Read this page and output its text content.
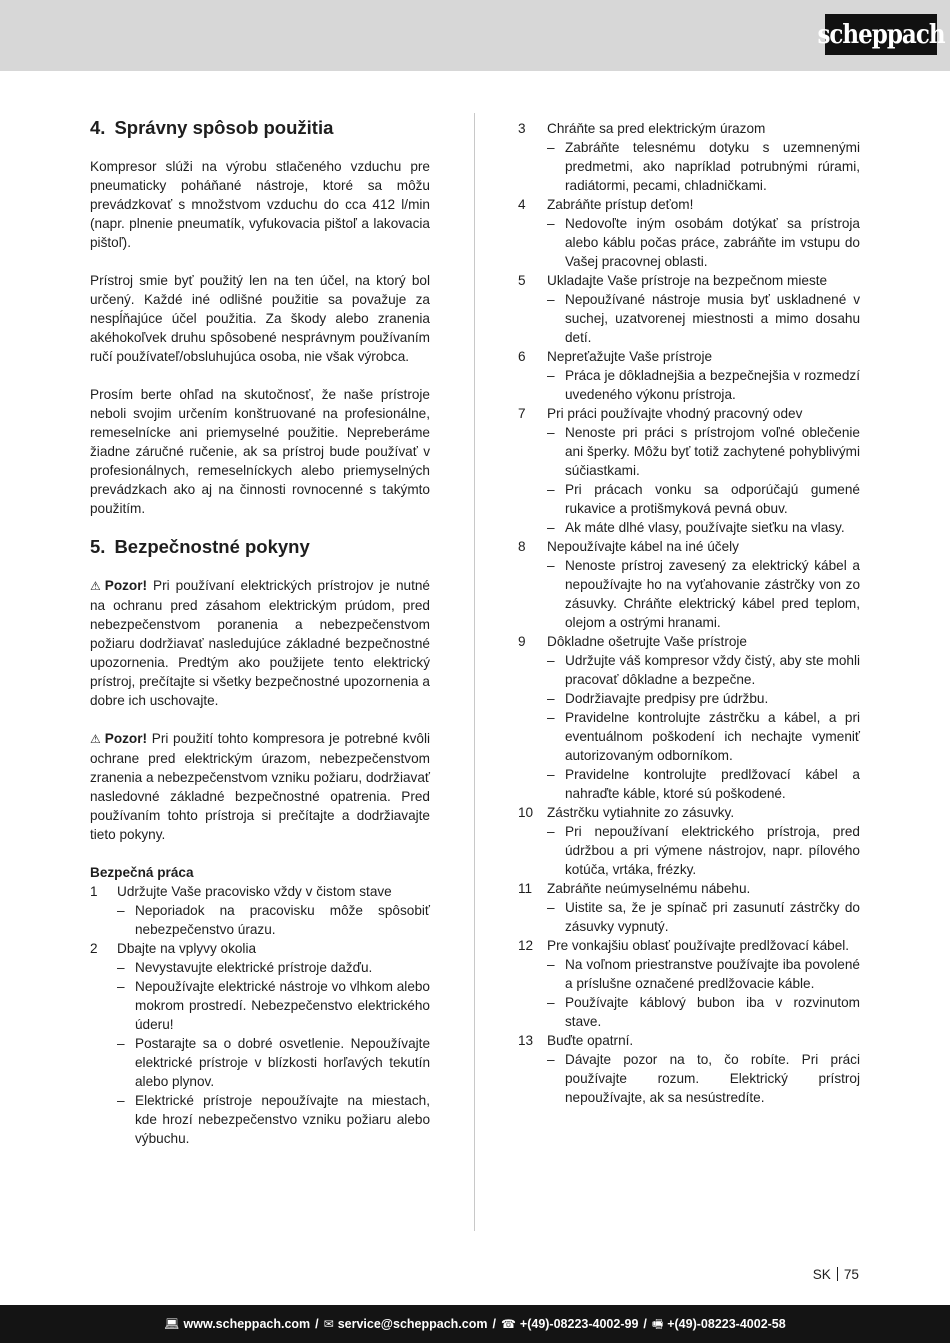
scheppach
4. Správny spôsob použitia

Kompresor slúži na výrobu stlačeného vzduchu pre pneumaticky poháňané nástroje, ktoré sa môžu prevádzkovať s množstvom vzduchu do cca 412 l/min (napr. plnenie pneumatík, vyfukovacia pištoľ a lakovacia pištoľ).

Prístroj smie byť použitý len na ten účel, na ktorý bol určený. Každé iné odlišné použitie sa považuje za nespĺňajúce účel použitia. Za škody alebo zranenia akéhokoľvek druhu spôsobené nesprávnym používaním ručí používateľ/obsluhujúca osoba, nie však výrobca.

Prosím berte ohľad na skutočnosť, že naše prístroje neboli svojim určením konštruované na profesionálne, remeselnícke ani priemyselné použitie. Nepreberáme žiadne záručné ručenie, ak sa prístroj bude používať v profesionálnych, remeselníckych alebo priemyselných prevádzkach ako aj na činnosti rovnocenné s takýmto použitím.

5. Bezpečnostné pokyny

⚠ Pozor! Pri používaní elektrických prístrojov je nutné na ochranu pred zásahom elektrickým prúdom, pred nebezpečenstvom poranenia a nebezpečenstvom požiaru dodržiavať nasledujúce základné bezpečnostné upozornenia. Predtým ako použijete tento elektrický prístroj, prečítajte si všetky bezpečnostné upozornenia a dobre ich uschovajte.

⚠ Pozor! Pri použití tohto kompresora je potrebné kvôli ochrane pred elektrickým úrazom, nebezpečenstvom zranenia a nebezpečenstvom vzniku požiaru, dodržiavať nasledovné základné bezpečnostné opatrenia. Pred používaním tohto prístroja si prečítajte a dodržiavajte tieto pokyny.

Bezpečná práca
1 Udržujte Vaše pracovisko vždy v čistom stave
– Neporiadok na pracovisku môže spôsobiť nebezpečenstvo úrazu.
2 Dbajte na vplyvy okolia
– Nevystavujte elektrické prístroje dažďu.
– Nepoužívajte elektrické nástroje vo vlhkom alebo mokrom prostredí. Nebezpečenstvo elektrického úderu!
– Postarajte sa o dobré osvetlenie. Nepoužívajte elektrické prístroje v blízkosti horľavých tekutín alebo plynov.
– Elektrické prístroje nepoužívajte na miestach, kde hrozí nebezpečenstvo vzniku požiaru alebo výbuchu.
3 Chráňte sa pred elektrickým úrazom
– Zabráňte telesnému dotyku s uzemnenými predmetmi, ako napríklad potrubnými rúrami, radiátormi, pecami, chladničkami.
4 Zabráňte prístup deťom!
– Nedovoľte iným osobám dotýkať sa prístroja alebo káblu počas práce, zabráňte im vstupu do Vašej pracovnej oblasti.
5 Ukladajte Vaše prístroje na bezpečnom mieste
– Nepoužívané nástroje musia byť uskladnené v suchej, uzatvorenej miestnosti a mimo dosahu detí.
6 Nepreťažujte Vaše prístroje
– Práca je dôkladnejšia a bezpečnejšia v rozmedzí uvedeného výkonu prístroja.
7 Pri práci používajte vhodný pracovný odev
– Nenoste pri práci s prístrojom voľné oblečenie ani šperky. Môžu byť totiž zachytené pohyblivými súčiastkami.
– Pri prácach vonku sa odporúčajú gumené rukavice a protišmyková pevná obuv.
– Ak máte dlhé vlasy, používajte sieťku na vlasy.
8 Nepoužívajte kábel na iné účely
– Nenoste prístroj zavesený za elektrický kábel a nepoužívajte ho na vyťahovanie zástrčky von zo zásuvky. Chráňte elektrický kábel pred teplom, olejom a ostrými hranami.
9 Dôkladne ošetrujte Vaše prístroje
– Udržujte váš kompresor vždy čistý, aby ste mohli pracovať dôkladne a bezpečne.
– Dodržiavajte predpisy pre údržbu.
– Pravidelne kontrolujte zástrčku a kábel, a pri eventuálnom poškodení ich nechajte vymeniť autorizovaným odborníkom.
– Pravidelne kontrolujte predlžovací kábel a nahraďte káble, ktoré sú poškodené.
10 Zástrčku vytiahnite zo zásuvky.
– Pri nepoužívaní elektrického prístroja, pred údržbou a pri výmene nástrojov, napr. pílového kotúča, vrtáka, frézky.
11 Zabráňte neúmyselnému nábehu.
– Uistite sa, že je spínač pri zasunutí zástrčky do zásuvky vypnutý.
12 Pre vonkajšiu oblasť používajte predlžovací kábel.
– Na voľnom priestranstve používajte iba povolené a príslušne označené predlžovacie káble.
– Používajte káblový bubon iba v rozvinutom stave.
13 Buďte opatrní.
– Dávajte pozor na to, čo robíte. Pri práci používajte rozum. Elektrický prístroj nepoužívajte, ak sa nesústredíte.
SK 75
💻︎ www.scheppach.com / ✉︎ service@scheppach.com / ☎︎ +(49)-08223-4002-99 / 🖷︎ +(49)-08223-4002-58
